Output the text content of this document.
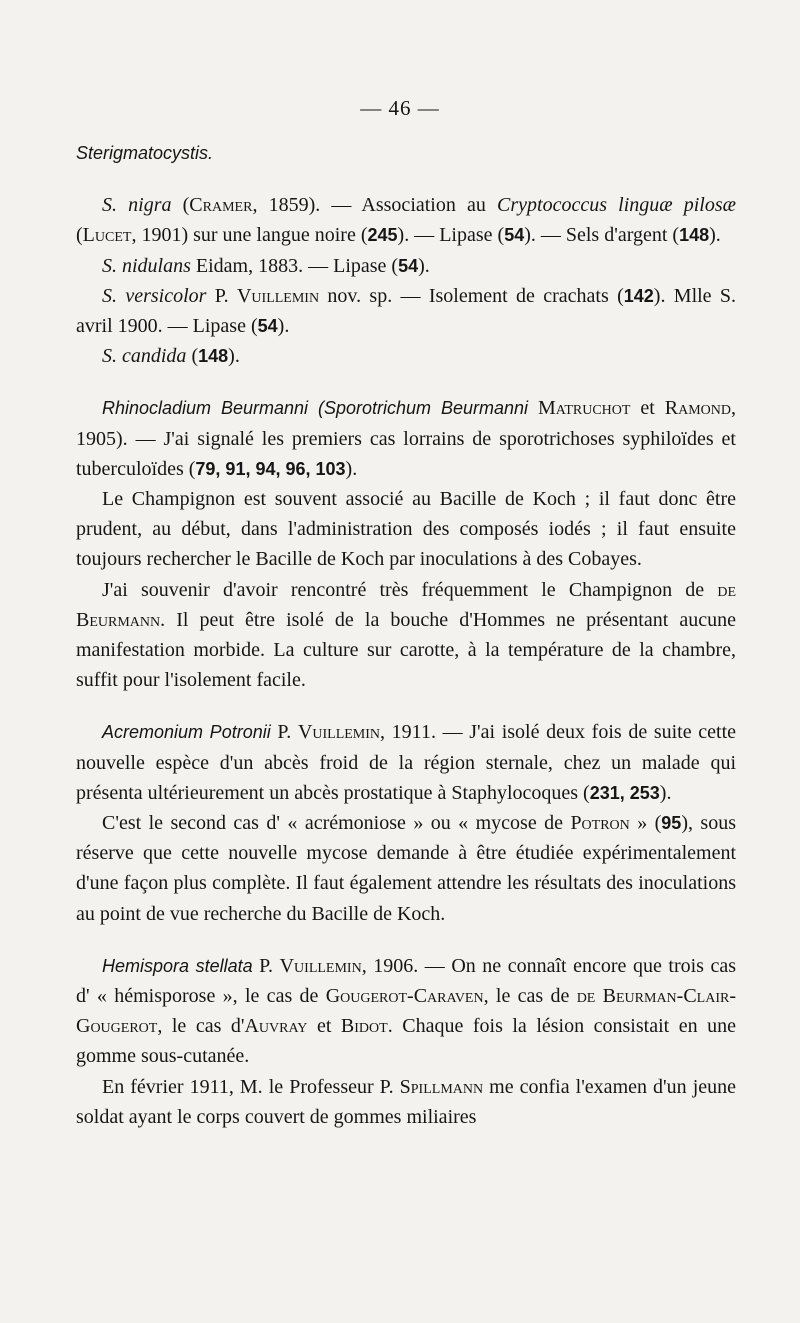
— 46 —

Sterigmatocystis.

S. nigra (Cramer, 1859). — Association au Cryptococcus linguæ pilosæ (Lucet, 1901) sur une langue noire (245). — Lipase (54). — Sels d'argent (148).

S. nidulans Eidam, 1883. — Lipase (54).

S. versicolor P. Vuillemin nov. sp. — Isolement de crachats (142). Mlle S. avril 1900. — Lipase (54).

S. candida (148).

Rhinocladium Beurmanni (Sporotrichum Beurmanni Matruchot et Ramond, 1905). — J'ai signalé les premiers cas lorrains de sporotrichoses syphiloïdes et tuberculoïdes (79, 91, 94, 96, 103).

Le Champignon est souvent associé au Bacille de Koch ; il faut donc être prudent, au début, dans l'administration des composés iodés ; il faut ensuite toujours rechercher le Bacille de Koch par inoculations à des Cobayes.

J'ai souvenir d'avoir rencontré très fréquemment le Champignon de de Beurmann. Il peut être isolé de la bouche d'Hommes ne présentant aucune manifestation morbide. La culture sur carotte, à la température de la chambre, suffit pour l'isolement facile.

Acremonium Potronii P. Vuillemin, 1911. — J'ai isolé deux fois de suite cette nouvelle espèce d'un abcès froid de la région sternale, chez un malade qui présenta ultérieurement un abcès prostatique à Staphylocoques (231, 253).

C'est le second cas d' « acrémoniose » ou « mycose de Potron » (95), sous réserve que cette nouvelle mycose demande à être étudiée expérimentalement d'une façon plus complète. Il faut également attendre les résultats des inoculations au point de vue recherche du Bacille de Koch.

Hemispora stellata P. Vuillemin, 1906. — On ne connaît encore que trois cas d' « hémisporose », le cas de Gougerot-Caraven, le cas de de Beurman-Clair-Gougerot, le cas d'Auvray et Bidot. Chaque fois la lésion consistait en une gomme sous-cutanée.

En février 1911, M. le Professeur P. Spillmann me confia l'examen d'un jeune soldat ayant le corps couvert de gommes miliaires
